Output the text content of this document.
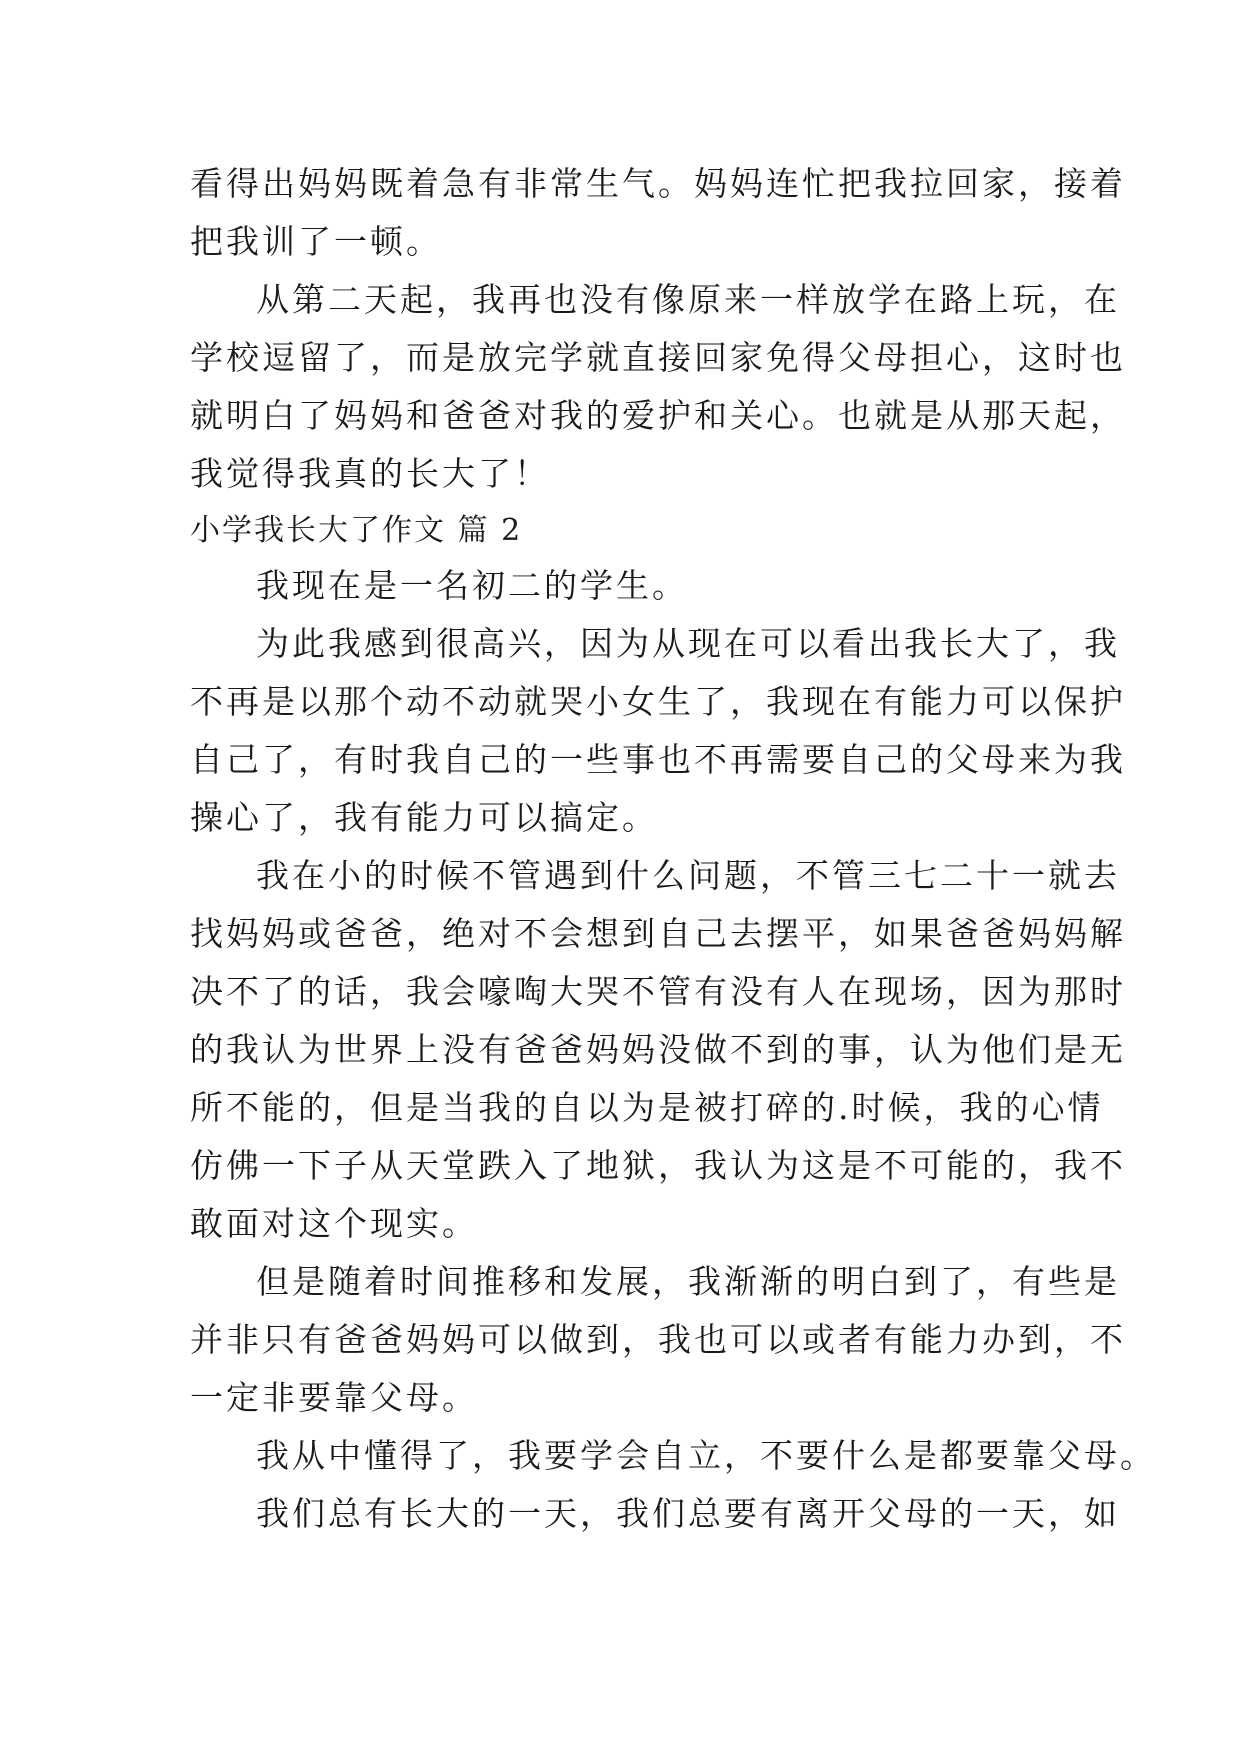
看得出妈妈既着急有非常生气。妈妈连忙把我拉回家，接着
把我训了一顿。
从第二天起，我再也没有像原来一样放学在路上玩，在
学校逗留了，而是放完学就直接回家免得父母担心，这时也
就明白了妈妈和爸爸对我的爱护和关心。也就是从那天起，
我觉得我真的长大了！
小学我长大了作文 篇 2
我现在是一名初二的学生。
为此我感到很高兴，因为从现在可以看出我长大了，我
不再是以那个动不动就哭小女生了，我现在有能力可以保护
自己了，有时我自己的一些事也不再需要自己的父母来为我
操心了，我有能力可以搞定。
我在小的时候不管遇到什么问题，不管三七二十一就去
找妈妈或爸爸，绝对不会想到自己去摆平，如果爸爸妈妈解
决不了的话，我会嚎啕大哭不管有没有人在现场，因为那时
的我认为世界上没有爸爸妈妈没做不到的事，认为他们是无
所不能的，但是当我的自以为是被打碎的.时候，我的心情
仿佛一下子从天堂跌入了地狱，我认为这是不可能的，我不
敢面对这个现实。
但是随着时间推移和发展，我渐渐的明白到了，有些是
并非只有爸爸妈妈可以做到，我也可以或者有能力办到，不
一定非要靠父母。
我从中懂得了，我要学会自立，不要什么是都要靠父母。
我们总有长大的一天，我们总要有离开父母的一天，如
